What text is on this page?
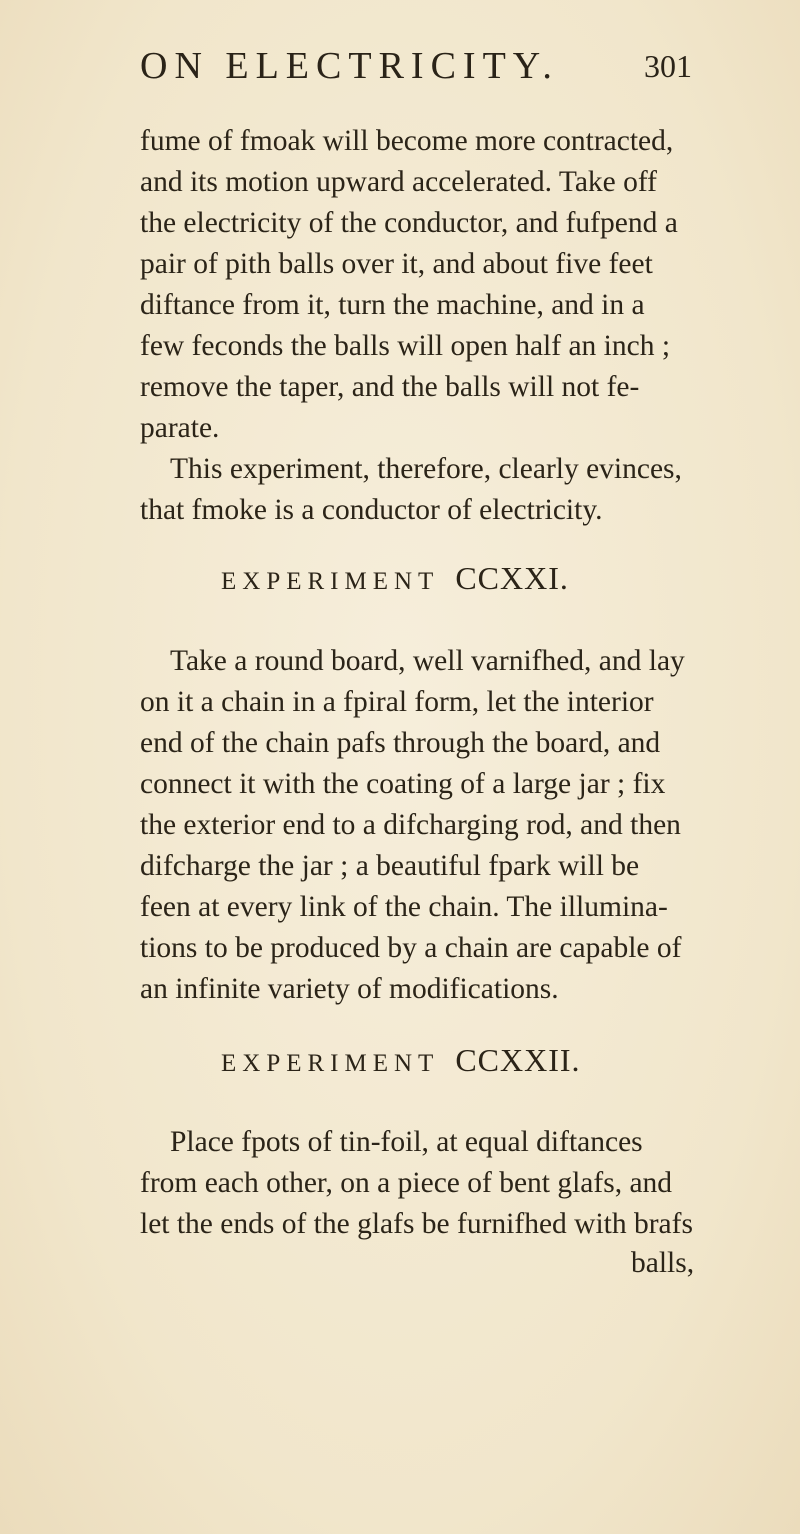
ON ELECTRICITY.	301
fume of fmoak will become more contracted,
and its motion upward accelerated. Take off
the electricity of the conductor, and fufpend a
pair of pith balls over it, and about five feet
diftance from it, turn the machine, and in a
few feconds the balls will open half an inch ;
remove the taper, and the balls will not fe-
parate.
This experiment, therefore, clearly evinces,
that fmoke is a conductor of electricity.
EXPERIMENT CCXXI.
Take a round board, well varnifhed, and lay
on it a chain in a fpiral form, let the interior
end of the chain pafs through the board, and
connect it with the coating of a large jar ; fix
the exterior end to a difcharging rod, and then
difcharge the jar ; a beautiful fpark will be
feen at every link of the chain. The illumina-
tions to be produced by a chain are capable of
an infinite variety of modifications.
EXPERIMENT CCXXII.
Place fpots of tin-foil, at equal diftances
from each other, on a piece of bent glafs, and
let the ends of the glafs be furnifhed with brafs
balls,
